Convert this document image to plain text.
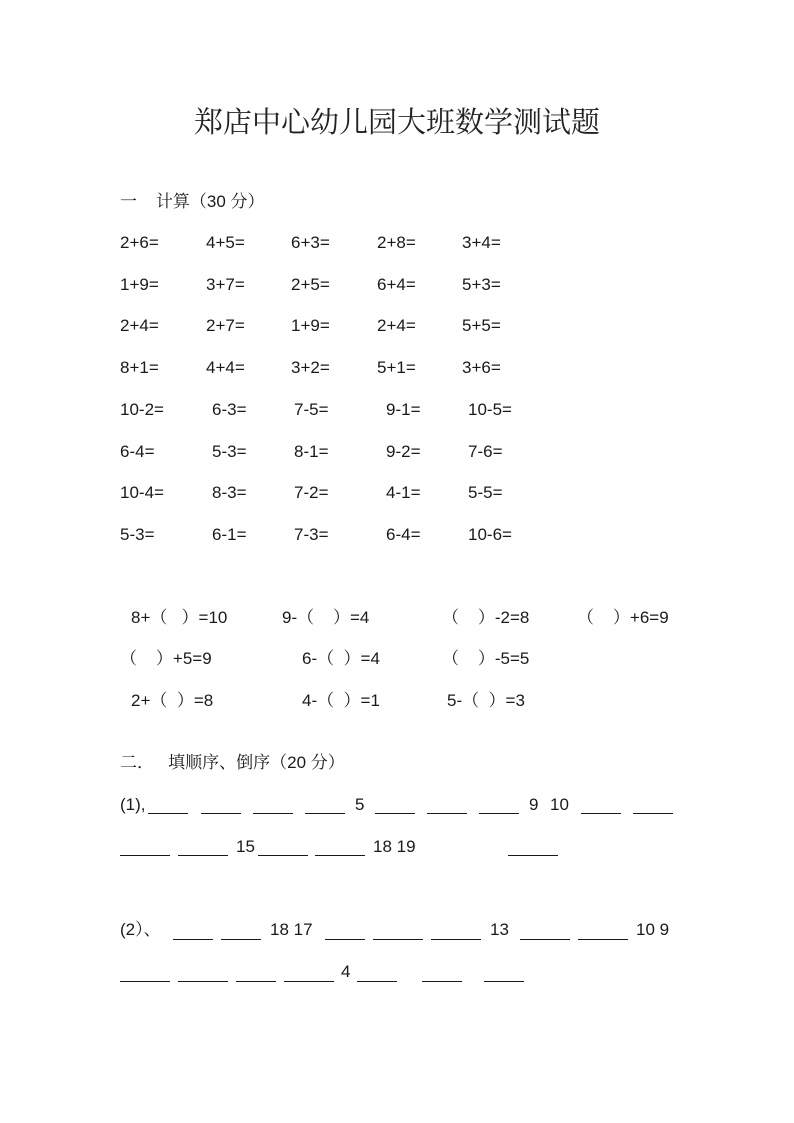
郑店中心幼儿园大班数学测试题
一    计算（30 分）
2+6=	4+5=	6+3=	2+8=	3+4=
1+9=	3+7=	2+5=	6+4=	5+3=
2+4=	2+7=	1+9=	2+4=	5+5=
8+1=	4+4=	3+2=	5+1=	3+6=
10-2=	6-3=	7-5=	9-1=	10-5=
6-4=	5-3=	8-1=	9-2=	7-6=
10-4=	8-3=	7-2=	4-1=	5-5=
5-3=	6-1=	7-3=	6-4=	10-6=
8+（   ）=10	9-（    ）=4	（    ）-2=8	（    ）+6=9
（    ）+5=9	6-（  ）=4	（    ）-5=5
2+（  ）=8	4-（  ）=1	5-（  ）=3
二．   填顺序、倒序（20 分）
(1),	5	9 10
15	18 19
(2）、	18 17	13	10 9
4
